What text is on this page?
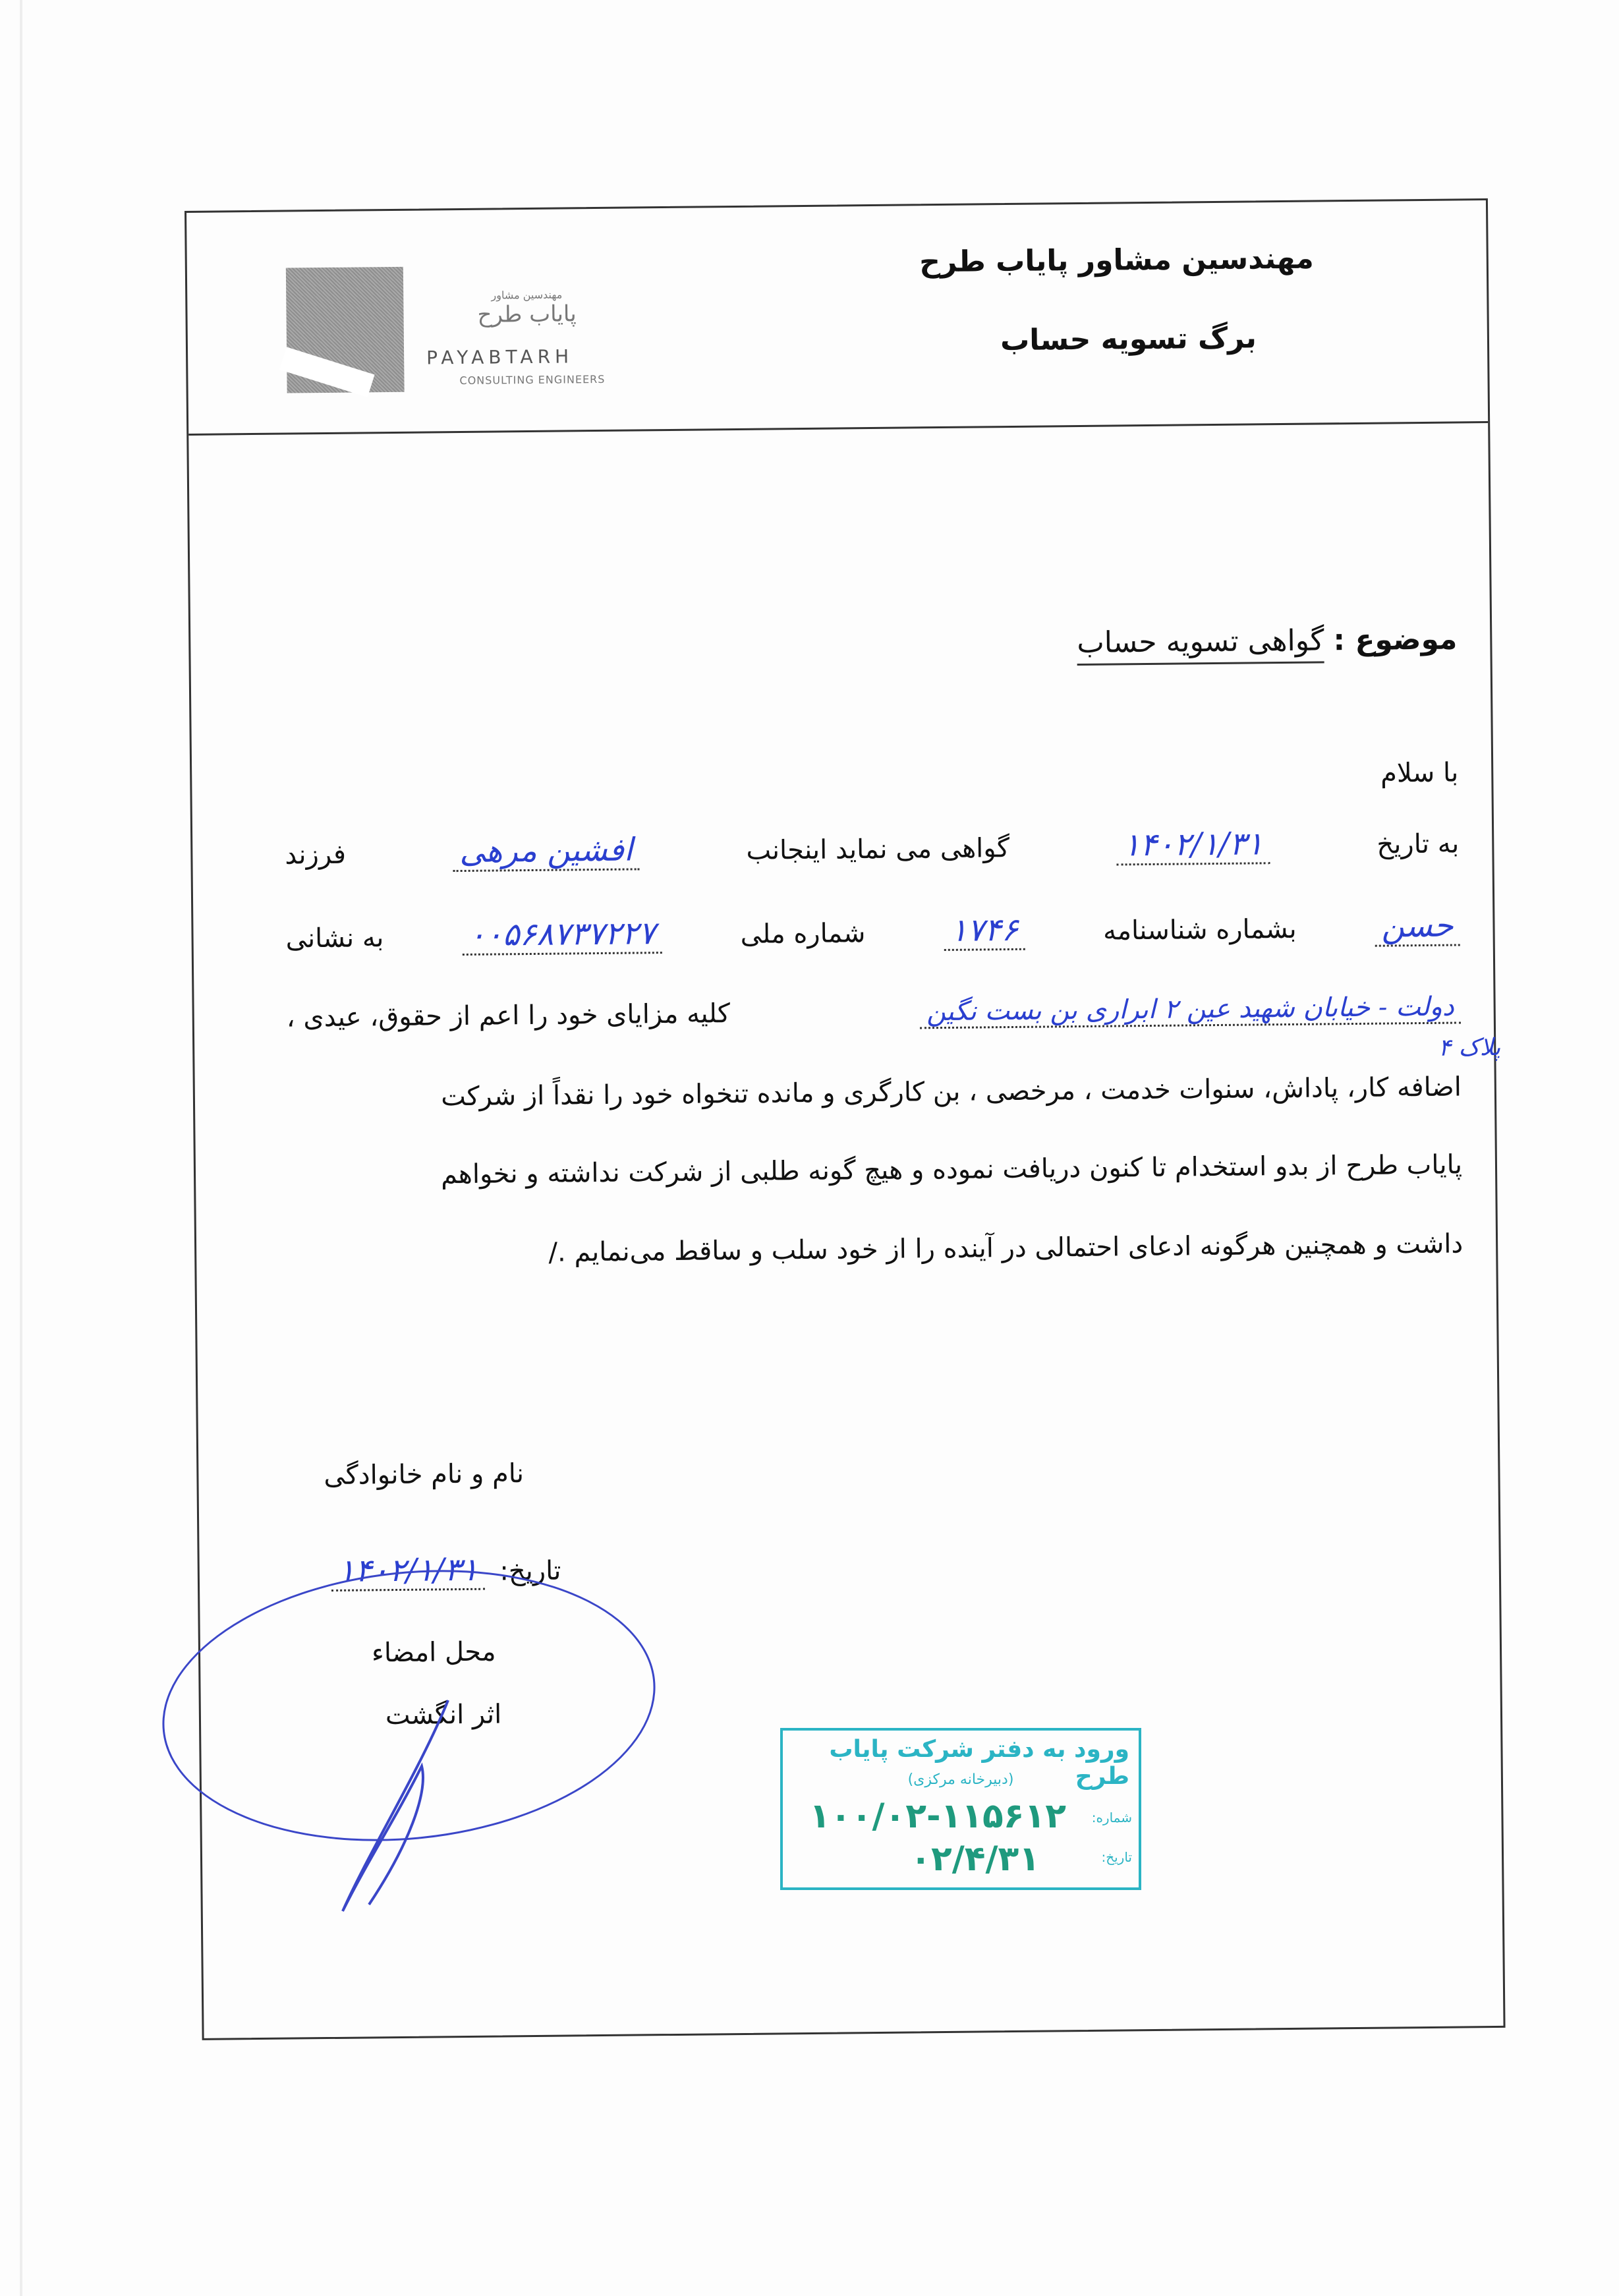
مهندسین مشاور
پایاب طرح
PAYABTARH
CONSULTING ENGINEERS
مهندسین مشاور پایاب طرح
برگ تسویه حساب
موضوع : گواهی تسویه حساب
با سلام
به تاریخ
۱۴۰۲/۱/۳۱
گواهی می نماید اینجانب
افشین مرهی
فرزند
حسن
بشماره شناسنامه
۱۷۴۶
شماره ملی
۰۰۵۶۸۷۳۷۲۲۷
به نشانی
دولت - خیابان شهید عین ۲ ابراری بن بست نگین
کلیه مزایای خود را اعم از حقوق، عیدی ،
پلاک ۴
اضافه کار، پاداش، سنوات خدمت ، مرخصی ، بن کارگری و مانده تنخواه خود را نقداً از شرکت
پایاب طرح از بدو استخدام تا کنون دریافت نموده و هیچ گونه طلبی از شرکت نداشته و نخواهم
داشت و همچنین هرگونه ادعای احتمالی در آینده را از خود سلب و ساقط می‌نمایم ./
نام و نام خانوادگی
تاریخ: ۱۴۰۲/۱/۳۱
محل امضاء
اثر انگشت
ورود به دفتر شرکت پایاب طرح
(دبیرخانه مرکزی)
شماره:
۱۰۰/۰۲-۱۱۵۶۱۲
تاریخ:
۰۲/۴/۳۱
